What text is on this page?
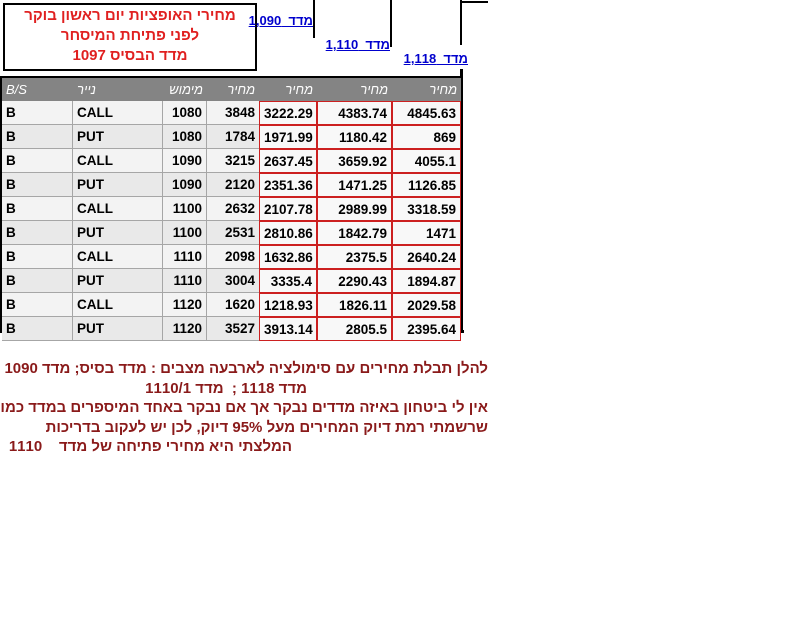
מחירי האופציות יום ראשון בוקר
לפני פתיחת המיסחר
מדד הבסיס 1097
מדד  1,090
מדד  1,110
מדד  1,118
B/S	נייר	מימוש	מחיר	מחיר	מחיר	מחיר
B	CALL	1080	3848	3222.29	4383.74	4845.63
B	PUT	1080	1784	1971.99	1180.42	869
B	CALL	1090	3215	2637.45	3659.92	4055.1
B	PUT	1090	2120	2351.36	1471.25	1126.85
B	CALL	1100	2632	2107.78	2989.99	3318.59
B	PUT	1100	2531	2810.86	1842.79	1471
B	CALL	1110	2098	1632.86	2375.5	2640.24
B	PUT	1110	3004	3335.4	2290.43	1894.87
B	CALL	1120	1620	1218.93	1826.11	2029.58
B	PUT	1120	3527	3913.14	2805.5	2395.64
להלן תבלת מחירים עם סימולציה לארבעה מצבים : מדד בסיס; מדד 1090
מדד 1118 ;  מדד 1110/1
אין לי ביטחון באיזה מדדים נבקר אך אם נבקר באחד המיספרים במדד כמו
שרשמתי רמת דיוק המחירים מעל 95% דיוק, לכן יש לעקוב בדריכות
המלצתי היא מחירי פתיחה של מדד    1110
